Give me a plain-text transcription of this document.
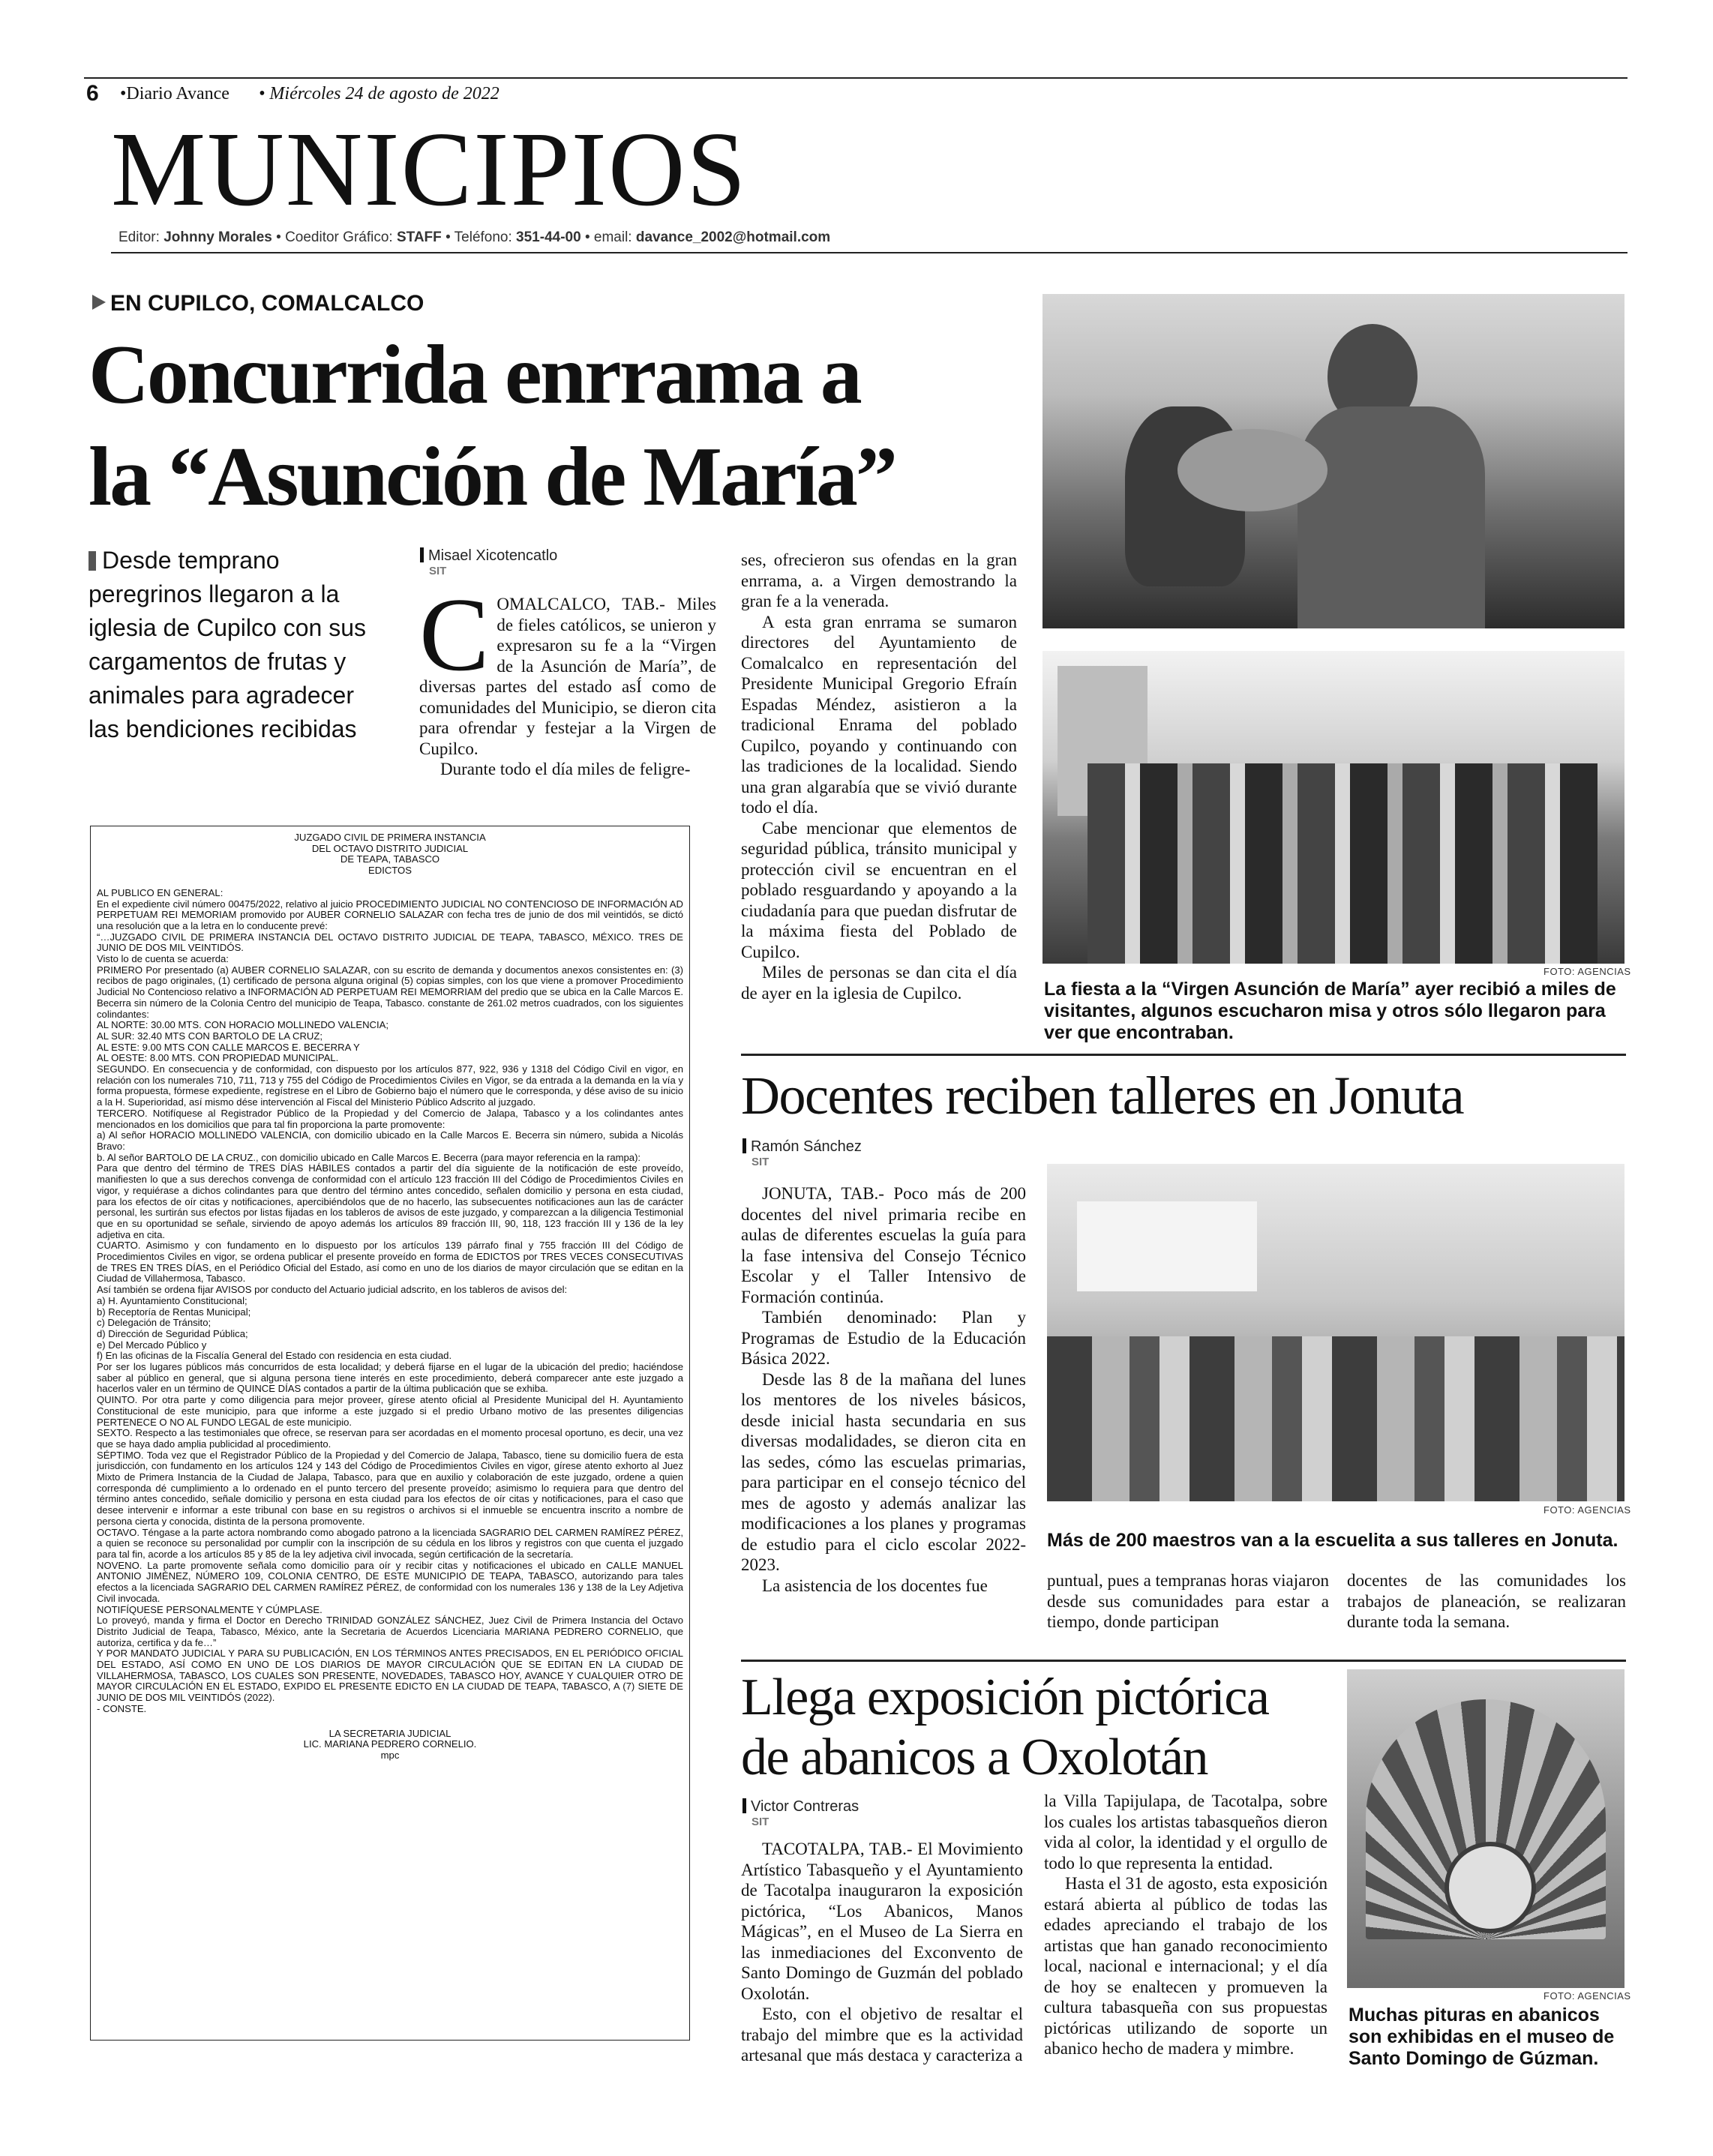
6 •Diario Avance • Miércoles 24 de agosto de 2022
MUNICIPIOS
Editor: Johnny Morales • Coeditor Gráfico: STAFF • Teléfono: 351-44-00 • email: davance_2002@hotmail.com
EN CUPILCO, COMALCALCO
Concurrida enrrama a
la “Asunción de María”
Desde temprano peregrinos llegaron a la iglesia de Cupilco con sus cargamentos de frutas y animales para agradecer las bendiciones recibidas
Misael Xicotencatlo
SIT
C OMALCALCO, TAB.- Miles de fieles católicos, se unieron y expresaron su fe a la “Virgen de la Asunción de María”, de diversas partes del estado asÍ como de comunidades del Municipio, se dieron cita para ofrendar y festejar a la Virgen de Cupilco.

Durante todo el día miles de feligre-

ses, ofrecieron sus ofendas en la gran enrrama, a. a Virgen demostrando la gran fe a la venerada.

A esta gran enrrama se sumaron directores del Ayuntamiento de Comalcalco en representación del Presidente Municipal Gregorio Efraín Espadas Méndez, asistieron a la tradicional Enrama del poblado Cupilco, poyando y continuando con las tradiciones de la localidad. Siendo una gran algarabía que se vivió durante todo el día.

Cabe mencionar que elementos de seguridad pública, tránsito municipal y protección civil se encuentran en el poblado resguardando y apoyando a la ciudadanía para que puedan disfrutar de la máxima fiesta del Poblado de Cupilco.

Miles de personas se dan cita el día de ayer en la iglesia de Cupilco.

FOTO: AGENCIAS
La fiesta a la “Virgen Asunción de María” ayer recibió a miles de visitantes, algunos escucharon misa y otros sólo llegaron para ver que encontraban.

JUZGADO CIVIL DE PRIMERA INSTANCIA

DEL OCTAVO DISTRITO JUDICIAL

DE TEAPA, TABASCO

EDICTOS

AL PUBLICO EN GENERAL:

En el expediente civil número 00475/2022, relativo al juicio PROCEDIMIENTO JUDICIAL NO CONTENCIOSO DE INFORMACIÓN AD PERPETUAM REI MEMORIAM promovido por AUBER CORNELIO SALAZAR con fecha tres de junio de dos mil veintidós, se dictó una resolución que a la letra en lo conducente prevé:

“…JUZGADO CIVIL DE PRIMERA INSTANCIA DEL OCTAVO DISTRITO JUDICIAL DE TEAPA, TABASCO, MÉXICO. TRES DE JUNIO DE DOS MIL VEINTIDÓS.

Visto lo de cuenta se acuerda:

PRIMERO Por presentado (a) AUBER CORNELIO SALAZAR, con su escrito de demanda y documentos anexos consistentes en: (3) recibos de pago originales, (1) certificado de persona alguna original (5) copias simples, con los que viene a promover Procedimiento Judicial No Contencioso relativo a INFORMACIÓN AD PERPETUAM REI MEMORRIAM del predio que se ubica en la Calle Marcos E. Becerra sin número de la Colonia Centro del municipio de Teapa, Tabasco. constante de 261.02 metros cuadrados, con los siguientes colindantes:

AL NORTE: 30.00 MTS. CON HORACIO MOLLINEDO VALENCIA;

AL SUR: 32.40 MTS CON BARTOLO DE LA CRUZ;

AL ESTE: 9.00 MTS CON CALLE MARCOS E. BECERRA Y

AL OESTE: 8.00 MTS. CON PROPIEDAD MUNICIPAL.

SEGUNDO. En consecuencia y de conformidad, con dispuesto por los artículos 877, 922, 936 y 1318 del Código Civil en vigor, en relación con los numerales 710, 711, 713 y 755 del Código de Procedimientos Civiles en Vigor, se da entrada a la demanda en la vía y forma propuesta, fórmese expediente, regístrese en el Libro de Gobierno bajo el número que le corresponda, y dése aviso de su inicio a la H. Superioridad, así mismo dése intervención al Fiscal del Ministerio Público Adscrito al juzgado.

TERCERO. Notifíquese al Registrador Público de la Propiedad y del Comercio de Jalapa, Tabasco y a los colindantes antes mencionados en los domicilios que para tal fin proporciona la parte promovente:

a) Al señor HORACIO MOLLINEDO VALENCIA, con domicilio ubicado en la Calle Marcos E. Becerra sin número, subida a Nicolás Bravo:

b. Al señor BARTOLO DE LA CRUZ., con domicilio ubicado en Calle Marcos E. Becerra (para mayor referencia en la rampa):

Para que dentro del término de TRES DÍAS HÁBILES contados a partir del día siguiente de la notificación de este proveído, manifiesten lo que a sus derechos convenga de conformidad con el artículo 123 fracción III del Código de Procedimientos Civiles en vigor, y requiérase a dichos colindantes para que dentro del término antes concedido, señalen domicilio y persona en esta ciudad, para los efectos de oír citas y notificaciones, apercibiéndolos que de no hacerlo, las subsecuentes notificaciones aun las de carácter personal, les surtirán sus efectos por listas fijadas en los tableros de avisos de este juzgado, y comparezcan a la diligencia Testimonial que en su oportunidad se señale, sirviendo de apoyo además los artículos 89 fracción III, 90, 118, 123 fracción III y 136 de la ley adjetiva en cita.

CUARTO. Asimismo y con fundamento en lo dispuesto por los artículos 139 párrafo final y 755 fracción III del Código de Procedimientos Civiles en vigor, se ordena publicar el presente proveído en forma de EDICTOS por TRES VECES CONSECUTIVAS de TRES EN TRES DÍAS, en el Periódico Oficial del Estado, así como en uno de los diarios de mayor circulación que se editan en la Ciudad de Villahermosa, Tabasco.

Así también se ordena fijar AVISOS por conducto del Actuario judicial adscrito, en los tableros de avisos del:

a) H. Ayuntamiento Constitucional;

b) Receptoría de Rentas Municipal;

c) Delegación de Tránsito;

d) Dirección de Seguridad Pública;

e) Del Mercado Público y

f) En las oficinas de la Fiscalía General del Estado con residencia en esta ciudad.

Por ser los lugares públicos más concurridos de esta localidad; y deberá fijarse en el lugar de la ubicación del predio; haciéndose saber al público en general, que si alguna persona tiene interés en este procedimiento, deberá comparecer ante este juzgado a hacerlos valer en un término de QUINCE DÍAS contados a partir de la última publicación que se exhiba.

QUINTO. Por otra parte y como diligencia para mejor proveer, gírese atento oficial al Presidente Municipal del H. Ayuntamiento Constitucional de este municipio, para que informe a este juzgado si el predio Urbano motivo de las presentes diligencias PERTENECE O NO AL FUNDO LEGAL de este municipio.

SEXTO. Respecto a las testimoniales que ofrece, se reservan para ser acordadas en el momento procesal oportuno, es decir, una vez que se haya dado amplia publicidad al procedimiento.

SÉPTIMO. Toda vez que el Registrador Público de la Propiedad y del Comercio de Jalapa, Tabasco, tiene su domicilio fuera de esta jurisdicción, con fundamento en los artículos 124 y 143 del Código de Procedimientos Civiles en vigor, gírese atento exhorto al Juez Mixto de Primera Instancia de la Ciudad de Jalapa, Tabasco, para que en auxilio y colaboración de este juzgado, ordene a quien corresponda dé cumplimiento a lo ordenado en el punto tercero del presente proveído; asimismo lo requiera para que dentro del término antes concedido, señale domicilio y persona en esta ciudad para los efectos de oír citas y notificaciones, para el caso que desee intervenir e informar a este tribunal con base en su registros o archivos si el inmueble se encuentra inscrito a nombre de persona cierta y conocida, distinta de la persona promovente.

OCTAVO. Téngase a la parte actora nombrando como abogado patrono a la licenciada SAGRARIO DEL CARMEN RAMÍREZ PÉREZ, a quien se reconoce su personalidad por cumplir con la inscripción de su cédula en los libros y registros con que cuenta el juzgado para tal fin, acorde a los artículos 85 y 85 de la ley adjetiva civil invocada, según certificación de la secretaría.

NOVENO. La parte promovente señala como domicilio para oír y recibir citas y notificaciones el ubicado en CALLE MANUEL ANTONIO JIMÉNEZ, NÚMERO 109, COLONIA CENTRO, DE ESTE MUNICIPIO DE TEAPA, TABASCO, autorizando para tales efectos a la licenciada SAGRARIO DEL CARMEN RAMÍREZ PÉREZ, de conformidad con los numerales 136 y 138 de la Ley Adjetiva Civil invocada.

NOTIFÍQUESE PERSONALMENTE Y CÚMPLASE.

Lo proveyó, manda y firma el Doctor en Derecho TRINIDAD GONZÁLEZ SÁNCHEZ, Juez Civil de Primera Instancia del Octavo Distrito Judicial de Teapa, Tabasco, México, ante la Secretaria de Acuerdos Licenciaria MARIANA PEDRERO CORNELIO, que autoriza, certifica y da fe…”

Y POR MANDATO JUDICIAL Y PARA SU PUBLICACIÓN, EN LOS TÉRMINOS ANTES PRECISADOS, EN EL PERIÓDICO OFICIAL DEL ESTADO, ASÍ COMO EN UNO DE LOS DIARIOS DE MAYOR CIRCULACIÓN QUE SE EDITAN EN LA CIUDAD DE VILLAHERMOSA, TABASCO, LOS CUALES SON PRESENTE, NOVEDADES, TABASCO HOY, AVANCE Y CUALQUIER OTRO DE MAYOR CIRCULACIÓN EN EL ESTADO, EXPIDO EL PRESENTE EDICTO EN LA CIUDAD DE TEAPA, TABASCO, A (7) SIETE DE JUNIO DE DOS MIL VEINTIDÓS (2022).

- CONSTE.

LA SECRETARIA JUDICIAL

LIC. MARIANA PEDRERO CORNELIO.

mpc

Docentes reciben talleres en Jonuta
Ramón Sánchez
SIT

JONUTA, TAB.- Poco más de 200 docentes del nivel primaria recibe en aulas de diferentes escuelas la guía para la fase intensiva del Consejo Técnico Escolar y el Taller Intensivo de Formación continúa.

También denominado: Plan y Programas de Estudio de la Educación Básica 2022.

Desde las 8 de la mañana del lunes los mentores de los niveles básicos, desde inicial hasta secundaria en sus diversas modalidades, se dieron cita en las sedes, cómo las escuelas primarias, para participar en el consejo técnico del mes de agosto y además analizar las modificaciones a los planes y programas de estudio para el ciclo escolar 2022-2023.

La asistencia de los docentes fue

FOTO: AGENCIAS
Más de 200 maestros van a la escuelita a sus talleres en Jonuta.

puntual, pues a tempranas horas viajaron desde sus comunidades para estar a tiempo, donde participan

docentes de las comunidades los trabajos de planeación, se realizaran durante toda la semana.

Llega exposición pictórica
de abanicos a Oxolotán
Victor Contreras
SIT

TACOTALPA, TAB.- El Movimiento Artístico Tabasqueño y el Ayuntamiento de Tacotalpa inauguraron la exposición pictórica, “Los Abanicos, Manos Mágicas”, en el Museo de La Sierra en las inmediaciones del Exconvento de Santo Domingo de Guzmán del poblado Oxolotán.

Esto, con el objetivo de resaltar el trabajo del mimbre que es la actividad artesanal que más destaca y caracteriza a

la Villa Tapijulapa, de Tacotalpa, sobre los cuales los artistas tabasqueños dieron vida al color, la identidad y el orgullo de todo lo que representa la entidad.

Hasta el 31 de agosto, esta exposición estará abierta al público de todas las edades apreciando el trabajo de los artistas que han ganado reconocimiento local, nacional e internacional; y el día de hoy se enaltecen y promueven la cultura tabasqueña con sus propuestas pictóricas utilizando de soporte un abanico hecho de madera y mimbre.

FOTO: AGENCIAS
Muchas pituras en abanicos son exhibidas en el museo de Santo Domingo de Gúzman.
